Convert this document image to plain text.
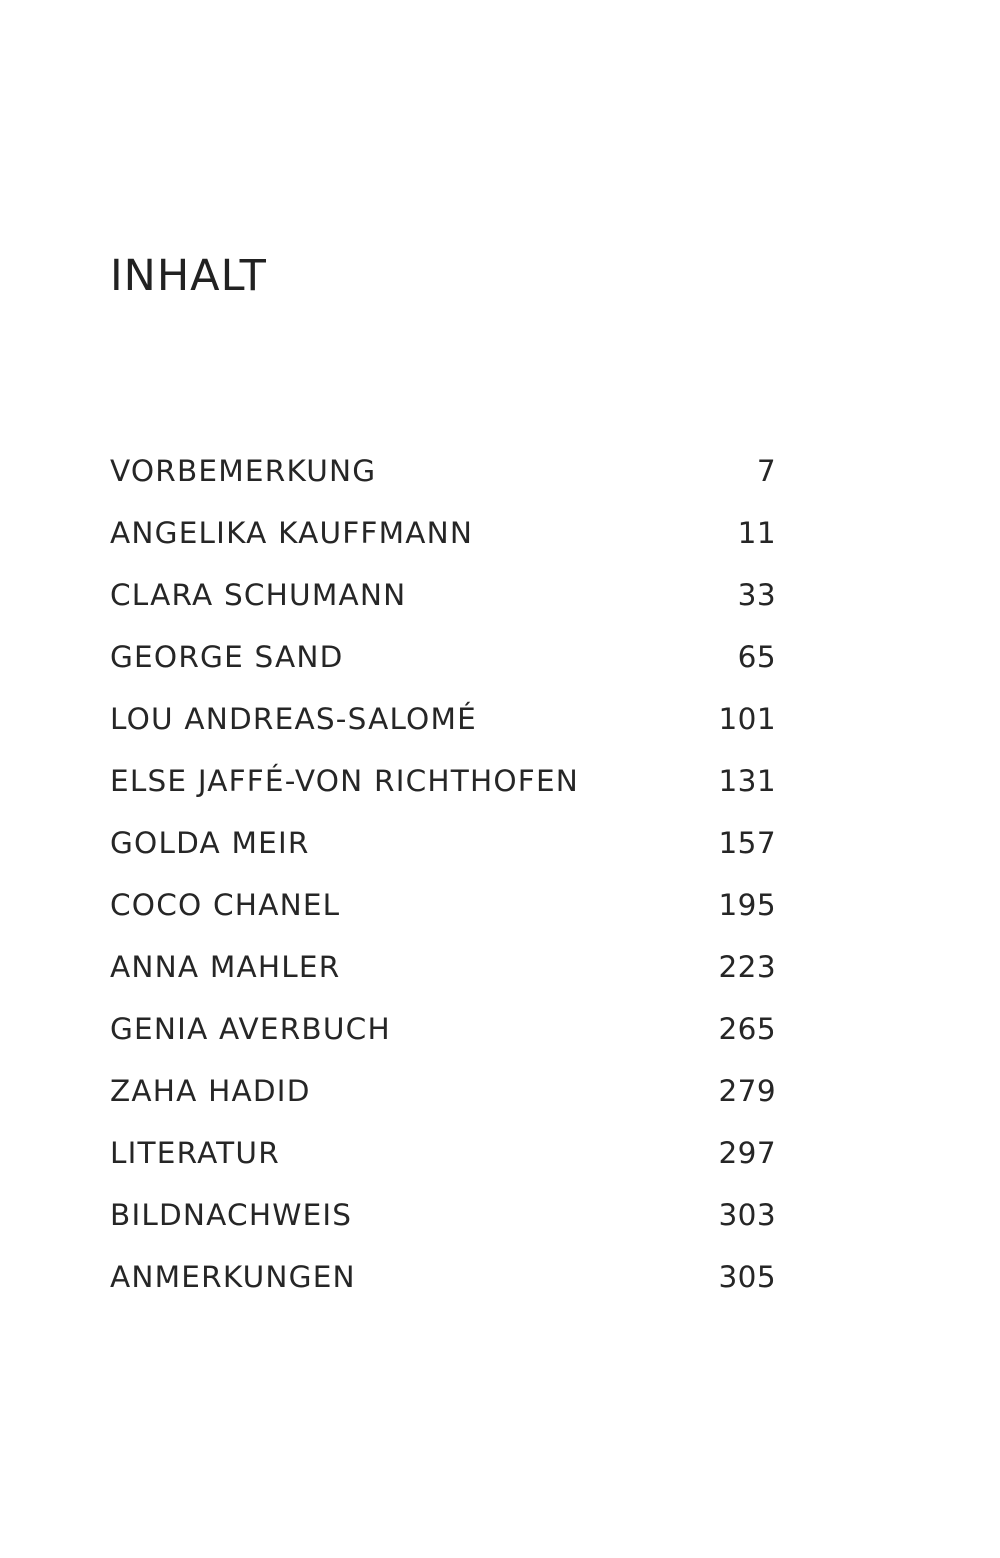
INHALT
VORBEMERKUNG	7
ANGELIKA KAUFFMANN	11
CLARA SCHUMANN	33
GEORGE SAND	65
LOU ANDREAS-SALOMÉ	101
ELSE JAFFÉ-VON RICHTHOFEN	131
GOLDA MEIR	157
COCO CHANEL	195
ANNA MAHLER	223
GENIA AVERBUCH	265
ZAHA HADID	279
LITERATUR	297
BILDNACHWEIS	303
ANMERKUNGEN	305
